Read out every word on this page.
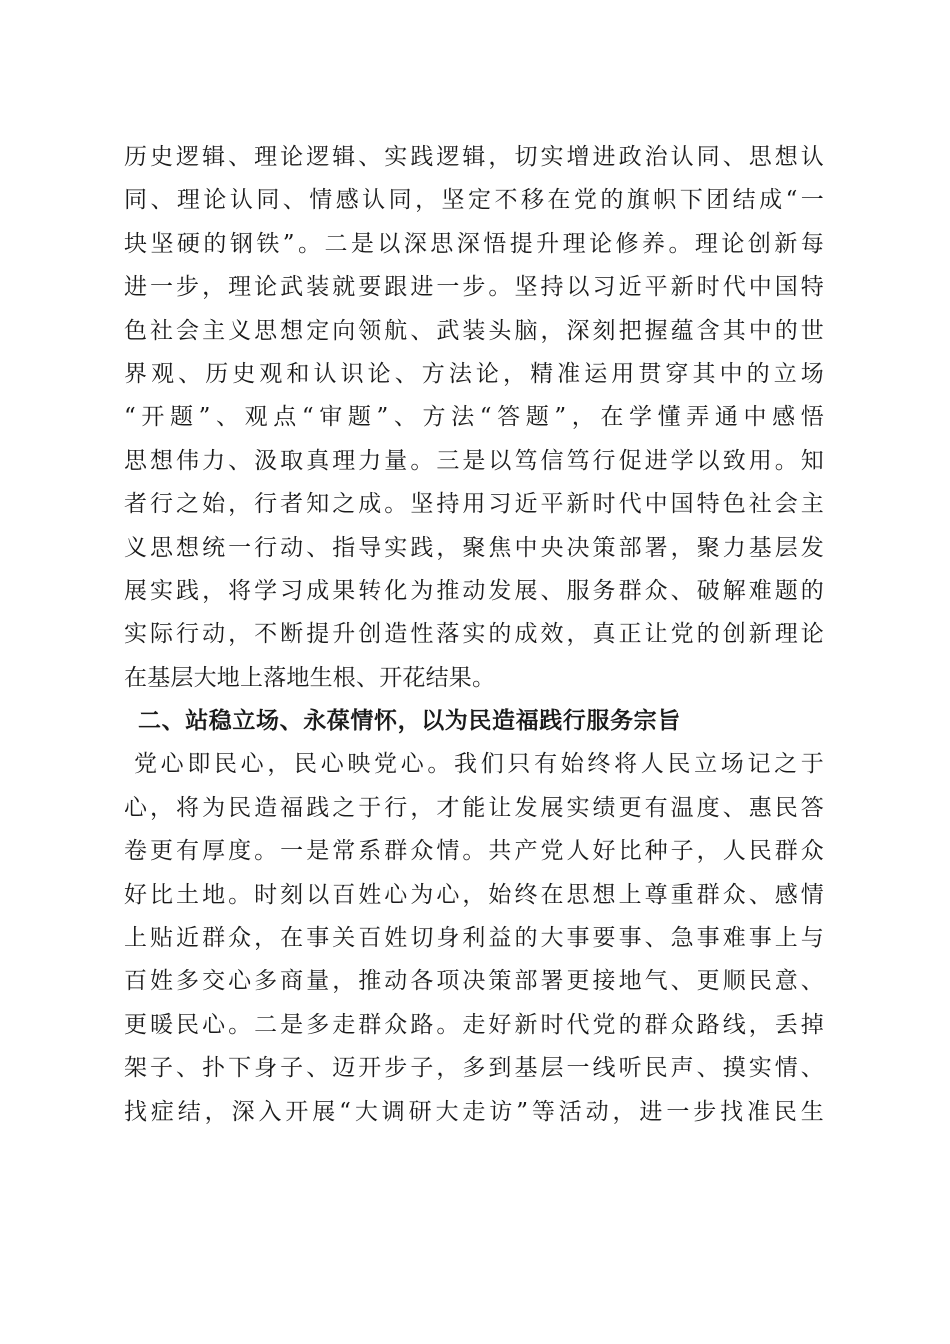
历史逻辑、理论逻辑、实践逻辑，切实增进政治认同、思想认
同、理论认同、情感认同，坚定不移在党的旗帜下团结成“一
块坚硬的钢铁”。二是以深思深悟提升理论修养。理论创新每
进一步，理论武装就要跟进一步。坚持以习近平新时代中国特
色社会主义思想定向领航、武装头脑，深刻把握蕴含其中的世
界观、历史观和认识论、方法论，精准运用贯穿其中的立场
“开题”、观点“审题”、方法“答题”，在学懂弄通中感悟
思想伟力、汲取真理力量。三是以笃信笃行促进学以致用。知
者行之始，行者知之成。坚持用习近平新时代中国特色社会主
义思想统一行动、指导实践，聚焦中央决策部署，聚力基层发
展实践，将学习成果转化为推动发展、服务群众、破解难题的
实际行动，不断提升创造性落实的成效，真正让党的创新理论
在基层大地上落地生根、开花结果。
二、站稳立场、永葆情怀，以为民造福践行服务宗旨
党心即民心，民心映党心。我们只有始终将人民立场记之于
心，将为民造福践之于行，才能让发展实绩更有温度、惠民答
卷更有厚度。一是常系群众情。共产党人好比种子，人民群众
好比土地。时刻以百姓心为心，始终在思想上尊重群众、感情
上贴近群众，在事关百姓切身利益的大事要事、急事难事上与
百姓多交心多商量，推动各项决策部署更接地气、更顺民意、
更暖民心。二是多走群众路。走好新时代党的群众路线，丢掉
架子、扑下身子、迈开步子，多到基层一线听民声、摸实情、
找症结，深入开展“大调研大走访”等活动，进一步找准民生
